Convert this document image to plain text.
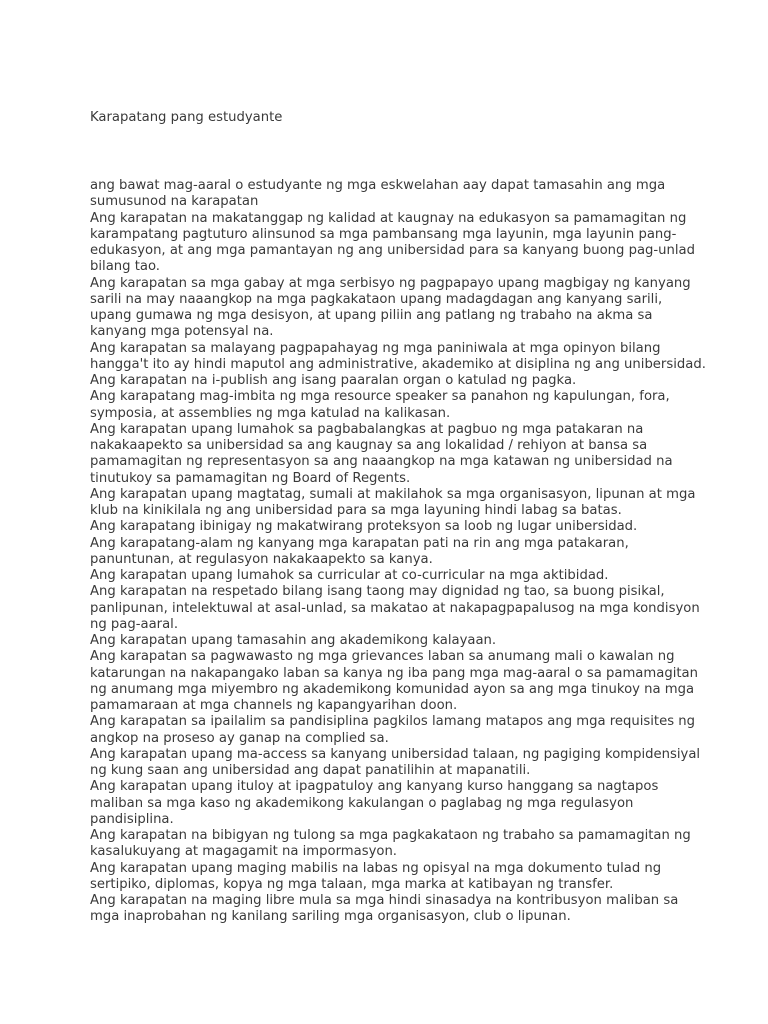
Karapatang pang estudyante
ang bawat mag-aaral o estudyante ng mga eskwelahan aay dapat tamasahin ang mga
sumusunod na karapatan
Ang karapatan na makatanggap ng kalidad at kaugnay na edukasyon sa pamamagitan ng
karampatang pagtuturo alinsunod sa mga pambansang mga layunin, mga layunin pang-
edukasyon, at ang mga pamantayan ng ang unibersidad para sa kanyang buong pag-unlad
bilang tao.
Ang karapatan sa mga gabay at mga serbisyo ng pagpapayo upang magbigay ng kanyang
sarili na may naaangkop na mga pagkakataon upang madagdagan ang kanyang sarili,
upang gumawa ng mga desisyon, at upang piliin ang patlang ng trabaho na akma sa
kanyang mga potensyal na.
Ang karapatan sa malayang pagpapahayag ng mga paniniwala at mga opinyon bilang
hangga't ito ay hindi maputol ang administrative, akademiko at disiplina ng ang unibersidad.
Ang karapatan na i-publish ang isang paaralan organ o katulad ng pagka.
Ang karapatang mag-imbita ng mga resource speaker sa panahon ng kapulungan, fora,
symposia, at assemblies ng mga katulad na kalikasan.
Ang karapatan upang lumahok sa pagbabalangkas at pagbuo ng mga patakaran na
nakakaapekto sa unibersidad sa ang kaugnay sa ang lokalidad / rehiyon at bansa sa
pamamagitan ng representasyon sa ang naaangkop na mga katawan ng unibersidad na
tinutukoy sa pamamagitan ng Board of Regents.
Ang karapatan upang magtatag, sumali at makilahok sa mga organisasyon, lipunan at mga
klub na kinikilala ng ang unibersidad para sa mga layuning hindi labag sa batas.
Ang karapatang ibinigay ng makatwirang proteksyon sa loob ng lugar unibersidad.
Ang karapatang-alam ng kanyang mga karapatan pati na rin ang mga patakaran,
panuntunan, at regulasyon nakakaapekto sa kanya.
Ang karapatan upang lumahok sa curricular at co-curricular na mga aktibidad.
Ang karapatan na respetado bilang isang taong may dignidad ng tao, sa buong pisikal,
panlipunan, intelektuwal at asal-unlad, sa makatao at nakapagpapalusog na mga kondisyon
ng pag-aaral.
Ang karapatan upang tamasahin ang akademikong kalayaan.
Ang karapatan sa pagwawasto ng mga grievances laban sa anumang mali o kawalan ng
katarungan na nakapangako laban sa kanya ng iba pang mga mag-aaral o sa pamamagitan
ng anumang mga miyembro ng akademikong komunidad ayon sa ang mga tinukoy na mga
pamamaraan at mga channels ng kapangyarihan doon.
Ang karapatan sa ipailalim sa pandisiplina pagkilos lamang matapos ang mga requisites ng
angkop na proseso ay ganap na complied sa.
Ang karapatan upang ma-access sa kanyang unibersidad talaan, ng pagiging kompidensiyal
ng kung saan ang unibersidad ang dapat panatilihin at mapanatili.
Ang karapatan upang ituloy at ipagpatuloy ang kanyang kurso hanggang sa nagtapos
maliban sa mga kaso ng akademikong kakulangan o paglabag ng mga regulasyon
pandisiplina.
Ang karapatan na bibigyan ng tulong sa mga pagkakataon ng trabaho sa pamamagitan ng
kasalukuyang at magagamit na impormasyon.
Ang karapatan upang maging mabilis na labas ng opisyal na mga dokumento tulad ng
sertipiko, diplomas, kopya ng mga talaan, mga marka at katibayan ng transfer.
Ang karapatan na maging libre mula sa mga hindi sinasadya na kontribusyon maliban sa
mga inaprobahan ng kanilang sariling mga organisasyon, club o lipunan.
